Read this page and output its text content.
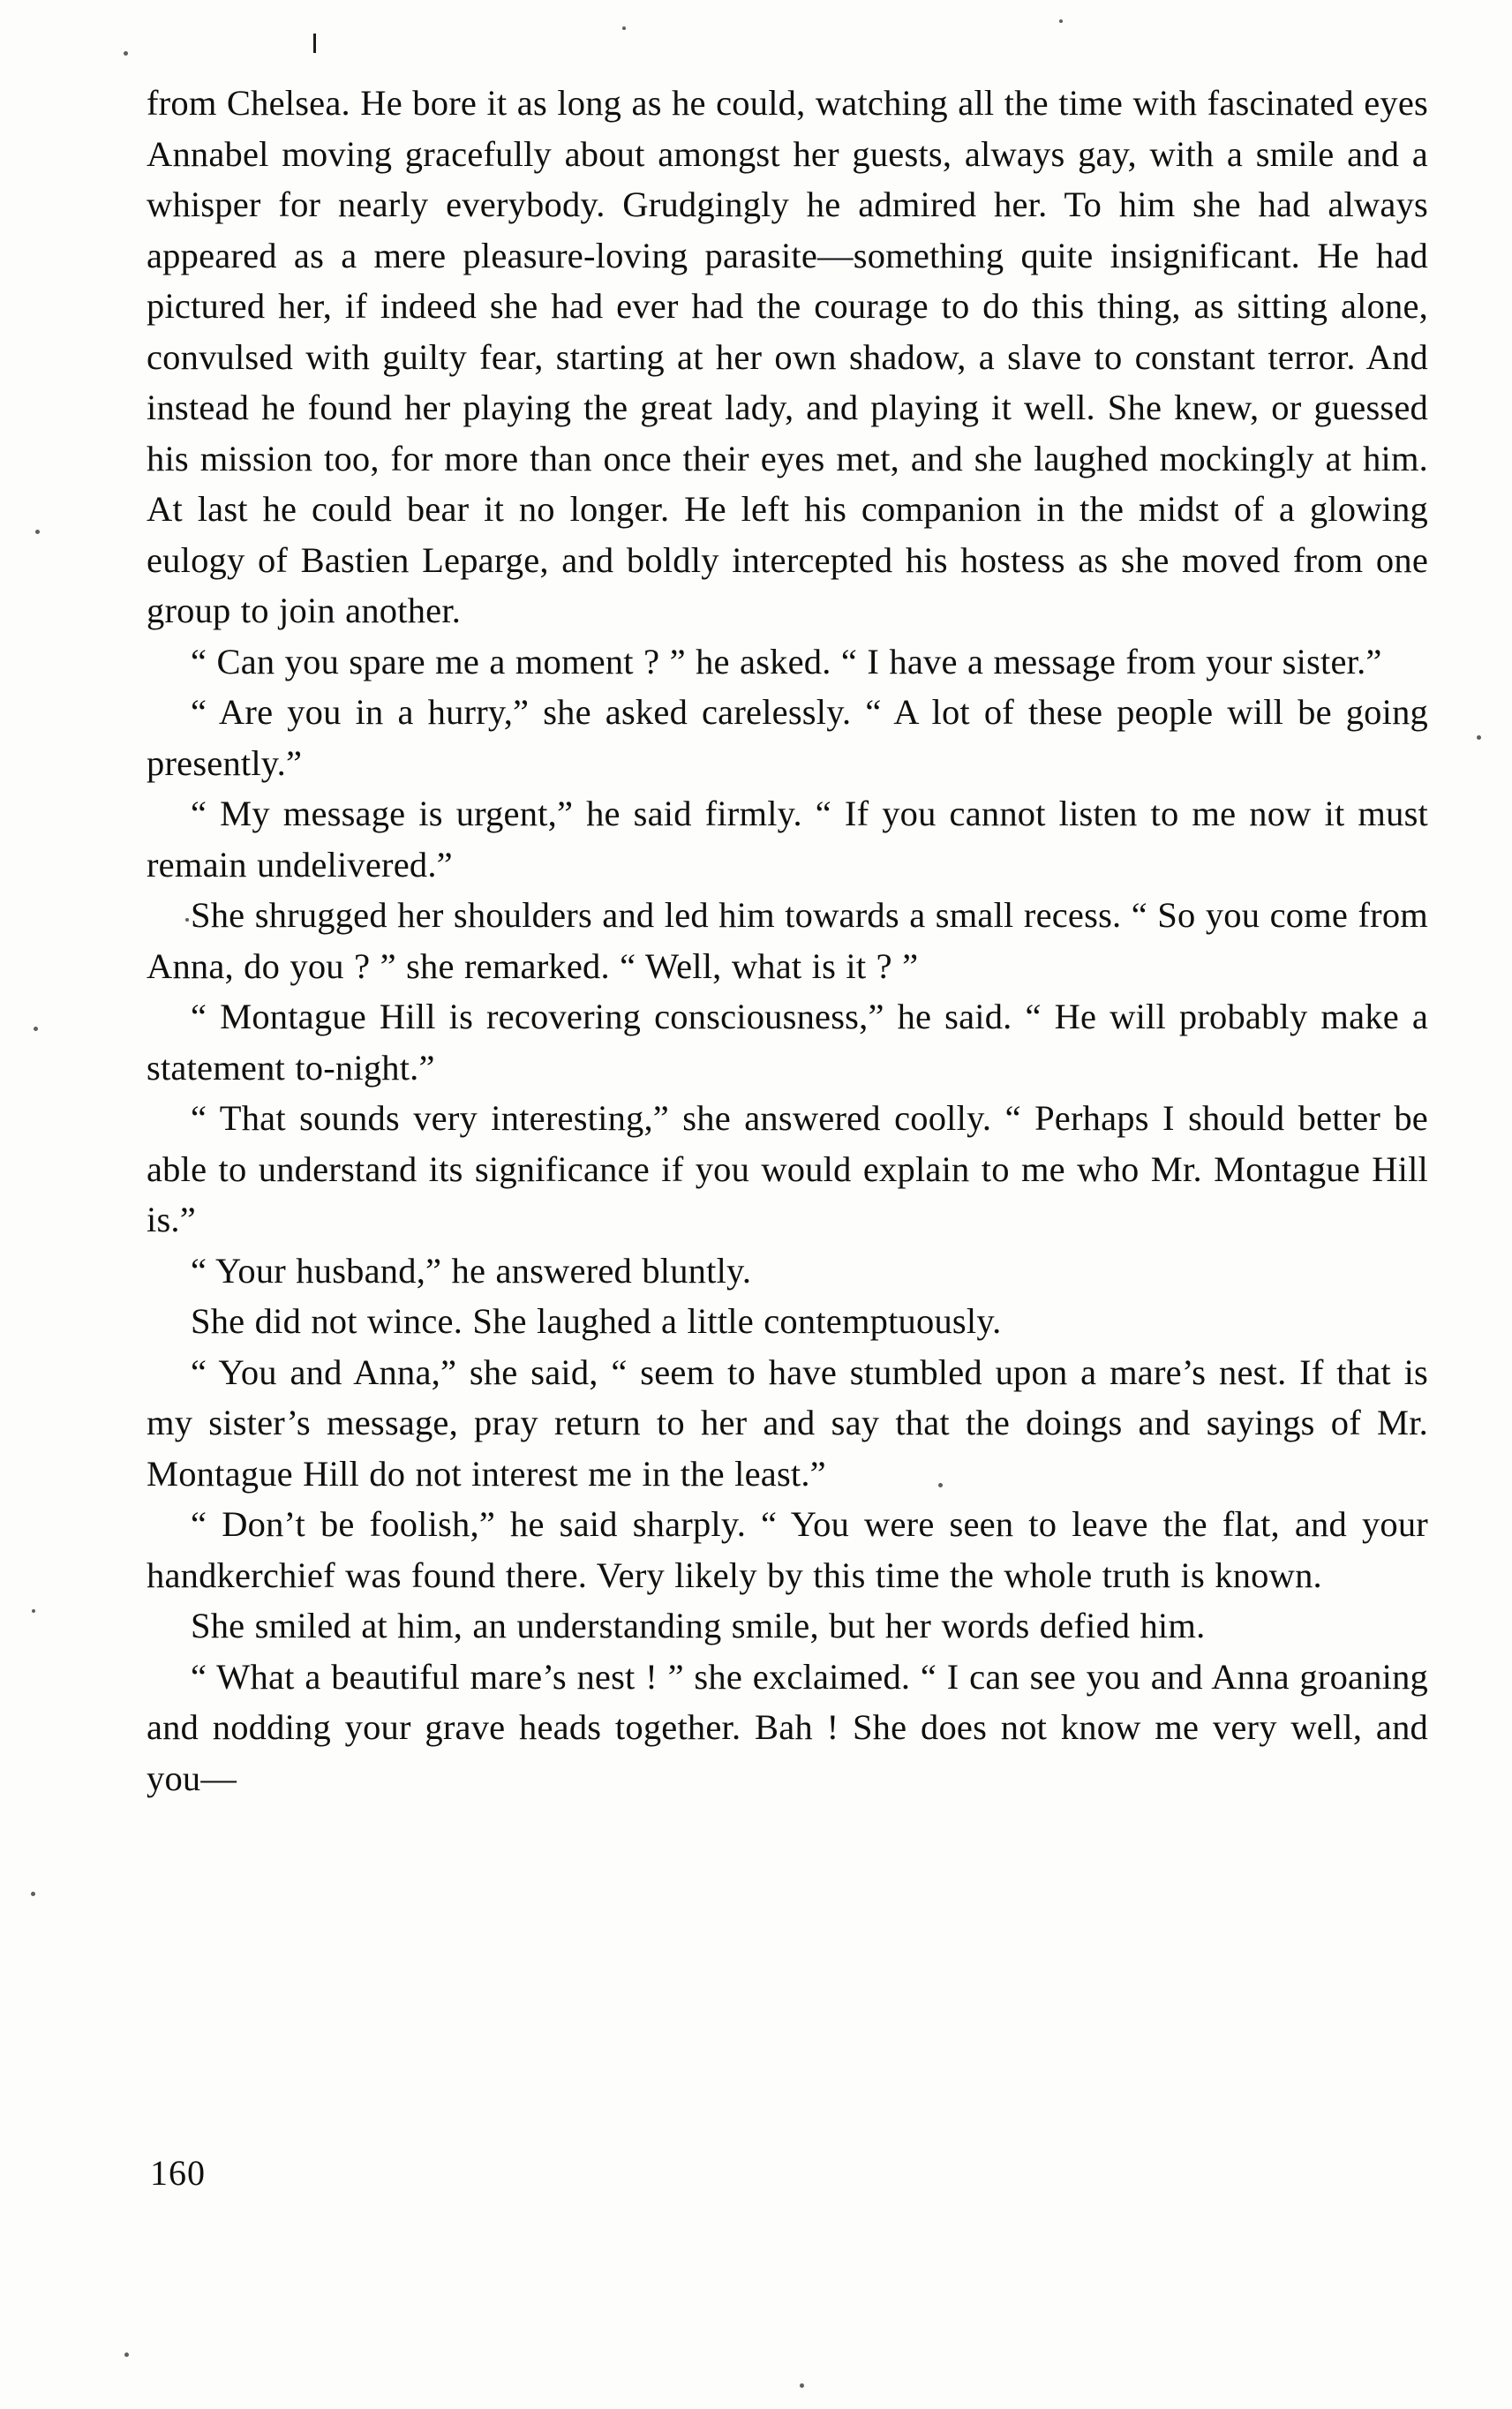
from Chelsea. He bore it as long as he could, watching all the time with fascinated eyes Annabel moving gracefully about amongst her guests, always gay, with a smile and a whisper for nearly everybody. Grudgingly he admired her. To him she had always appeared as a mere pleasure-loving parasite—something quite insignificant. He had pictured her, if indeed she had ever had the courage to do this thing, as sitting alone, convulsed with guilty fear, starting at her own shadow, a slave to constant terror. And instead he found her playing the great lady, and playing it well. She knew, or guessed his mission too, for more than once their eyes met, and she laughed mockingly at him. At last he could bear it no longer. He left his companion in the midst of a glowing eulogy of Bastien Leparge, and boldly intercepted his hostess as she moved from one group to join another.

“ Can you spare me a moment ? ” he asked. “ I have a message from your sister.”

“ Are you in a hurry,” she asked carelessly. “ A lot of these people will be going presently.”

“ My message is urgent,” he said firmly. “ If you cannot listen to me now it must remain undelivered.”

She shrugged her shoulders and led him towards a small recess. “ So you come from Anna, do you ? ” she remarked. “ Well, what is it ? ”

“ Montague Hill is recovering consciousness,” he said. “ He will probably make a statement to-night.”

“ That sounds very interesting,” she answered coolly. “ Perhaps I should better be able to understand its significance if you would explain to me who Mr. Montague Hill is.”

“ Your husband,” he answered bluntly.

She did not wince. She laughed a little contemptuously.

“ You and Anna,” she said, “ seem to have stumbled upon a mare’s nest. If that is my sister’s message, pray return to her and say that the doings and sayings of Mr. Montague Hill do not interest me in the least.”

“ Don’t be foolish,” he said sharply. “ You were seen to leave the flat, and your handkerchief was found there. Very likely by this time the whole truth is known.

She smiled at him, an understanding smile, but her words defied him.

“ What a beautiful mare’s nest ! ” she exclaimed. “ I can see you and Anna groaning and nodding your grave heads together. Bah ! She does not know me very well, and you—

160
